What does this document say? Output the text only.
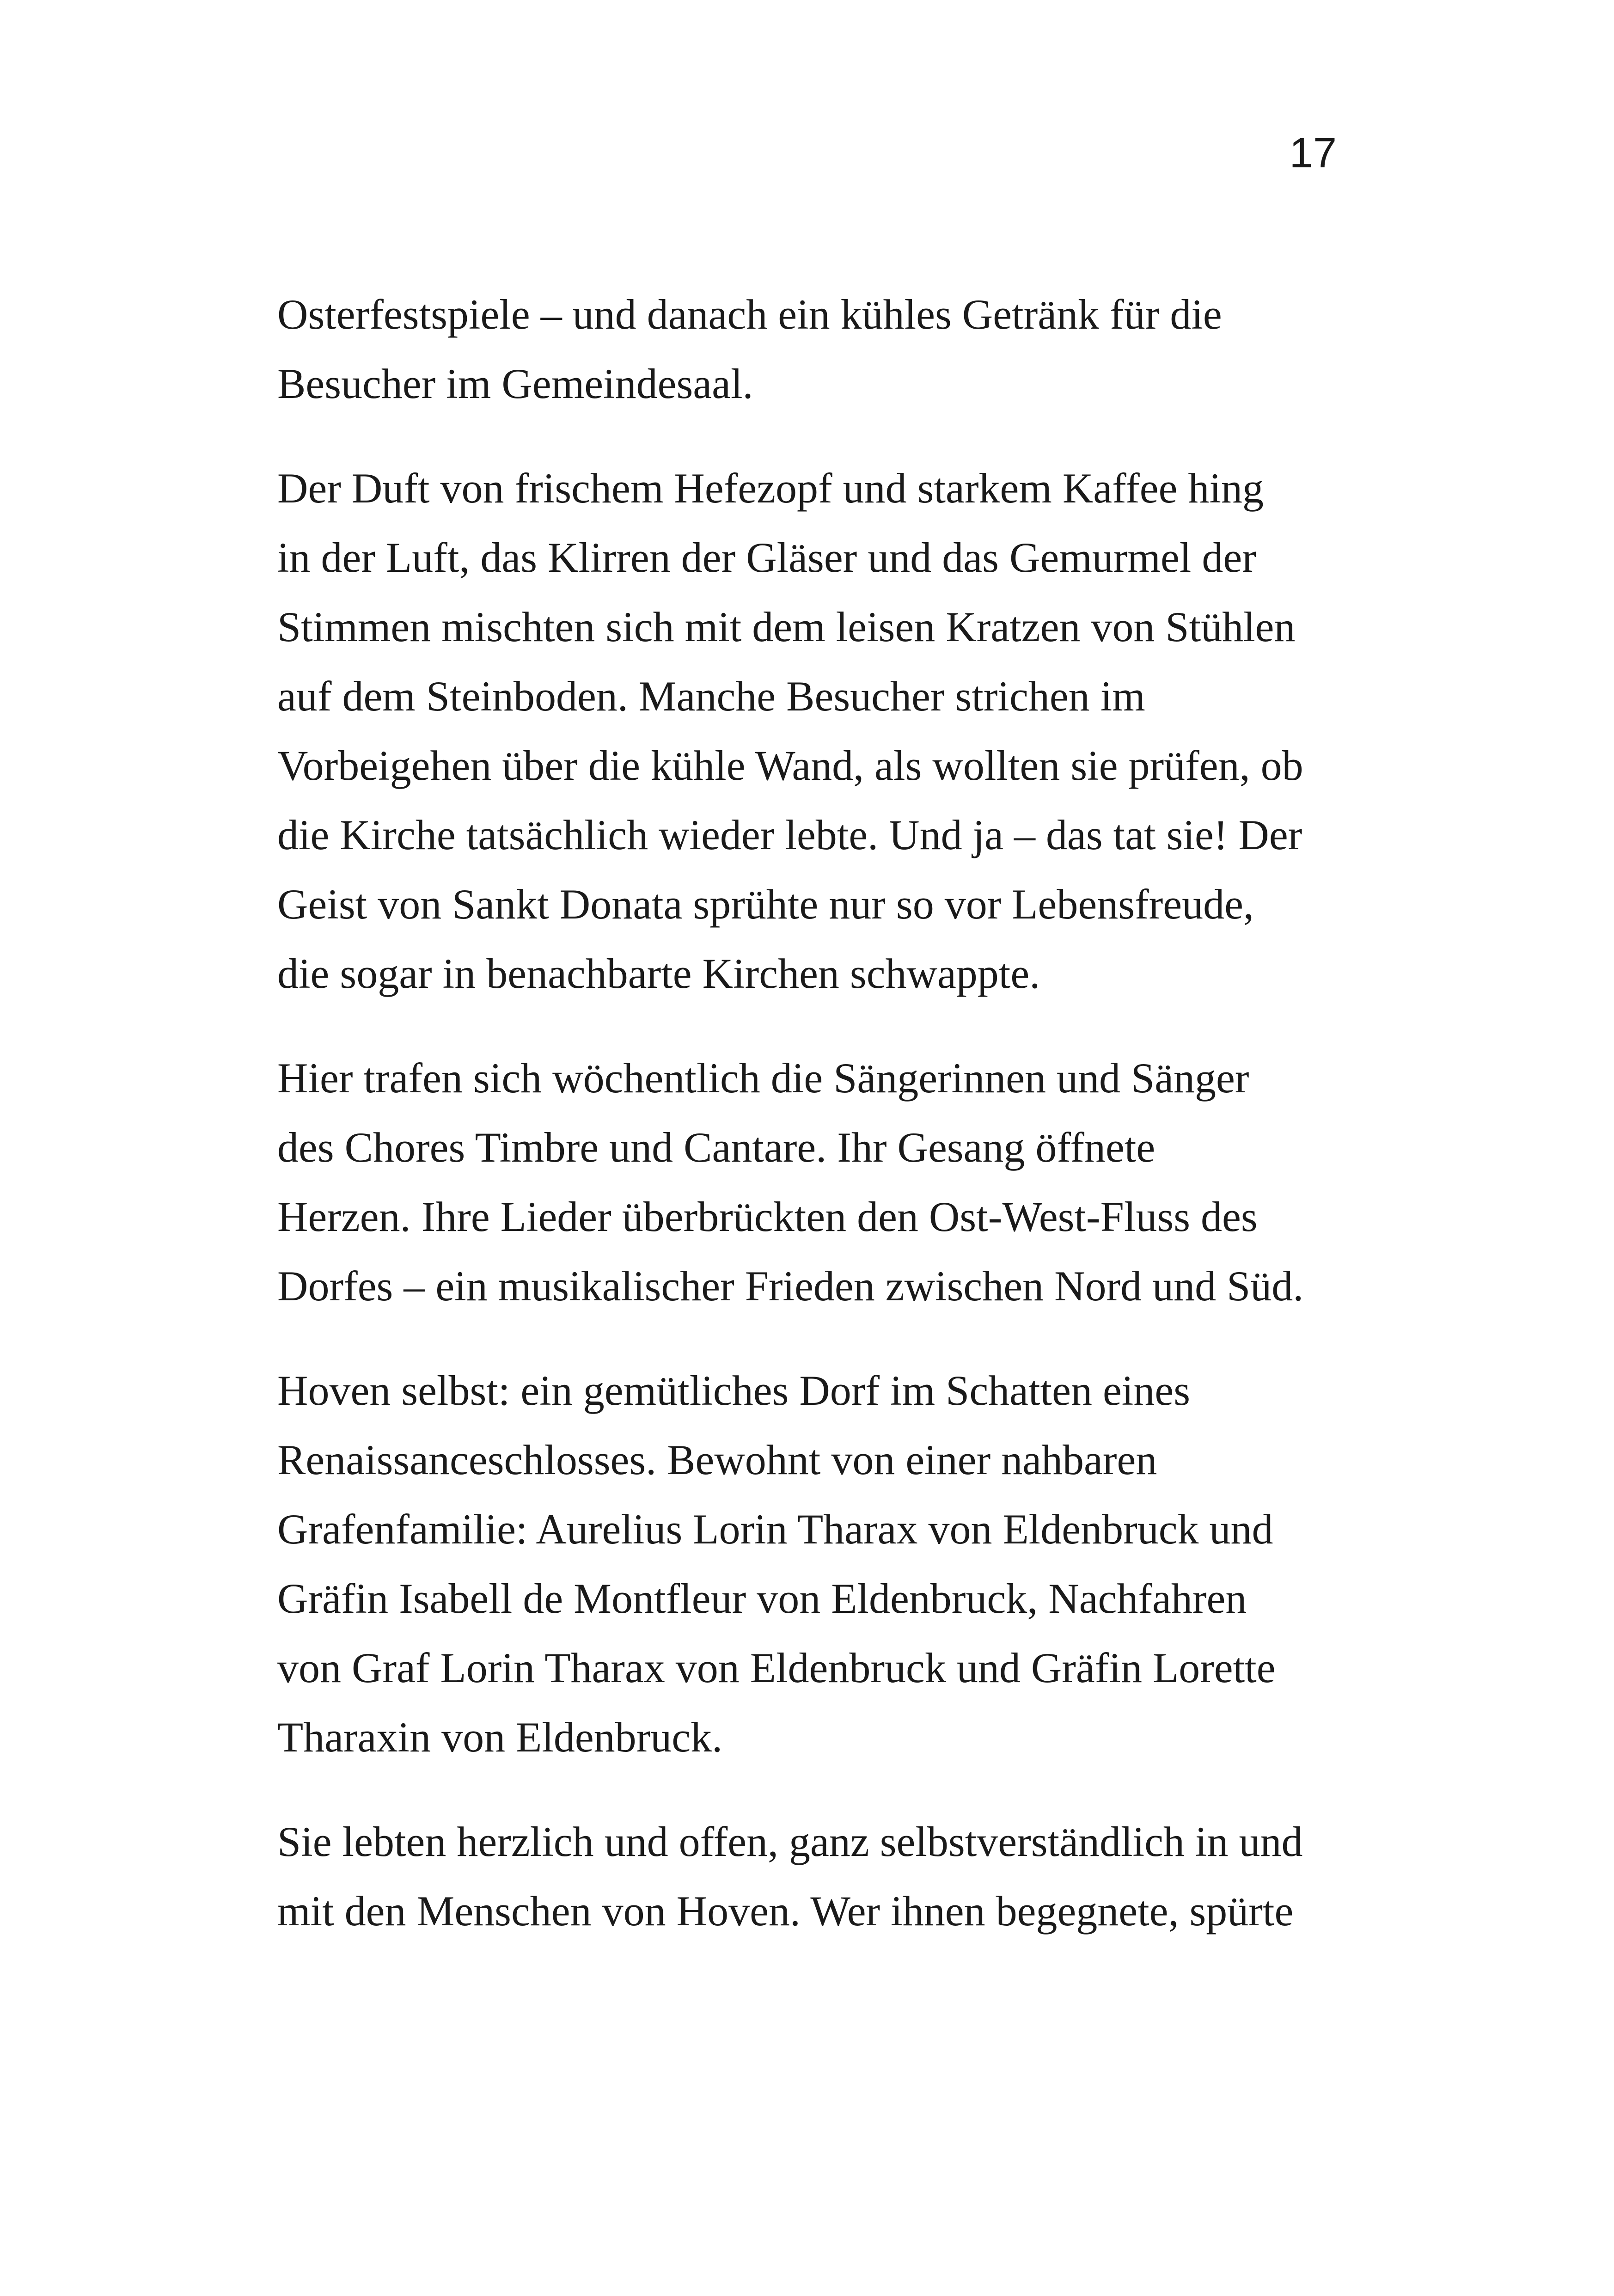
17

Osterfestspiele – und danach ein kühles Getränk für die
Besucher im Gemeindesaal.

Der Duft von frischem Hefezopf und starkem Kaffee hing
in der Luft, das Klirren der Gläser und das Gemurmel der
Stimmen mischten sich mit dem leisen Kratzen von Stühlen
auf dem Steinboden. Manche Besucher strichen im
Vorbeigehen über die kühle Wand, als wollten sie prüfen, ob
die Kirche tatsächlich wieder lebte. Und ja – das tat sie! Der
Geist von Sankt Donata sprühte nur so vor Lebensfreude,
die sogar in benachbarte Kirchen schwappte.

Hier trafen sich wöchentlich die Sängerinnen und Sänger
des Chores Timbre und Cantare. Ihr Gesang öffnete
Herzen. Ihre Lieder überbrückten den Ost-West-Fluss des
Dorfes – ein musikalischer Frieden zwischen Nord und Süd.

Hoven selbst: ein gemütliches Dorf im Schatten eines
Renaissanceschlosses. Bewohnt von einer nahbaren
Grafenfamilie: Aurelius Lorin Tharax von Eldenbruck und
Gräfin Isabell de Montfleur von Eldenbruck, Nachfahren
von Graf Lorin Tharax von Eldenbruck und Gräfin Lorette
Tharaxin von Eldenbruck.

Sie lebten herzlich und offen, ganz selbstverständlich in und
mit den Menschen von Hoven. Wer ihnen begegnete, spürte
